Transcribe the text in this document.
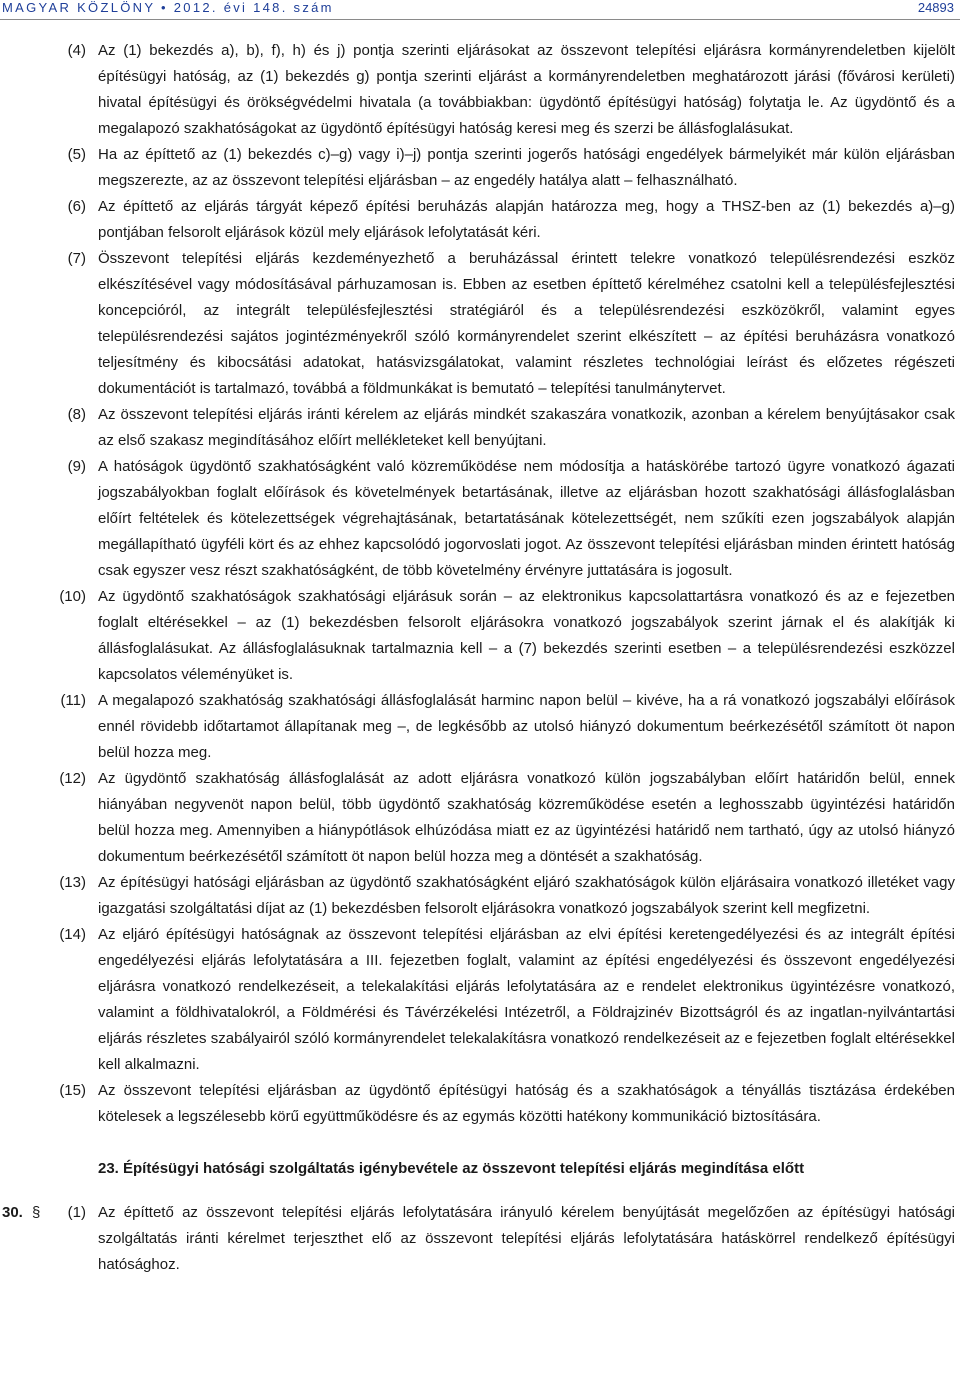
MAGYAR KÖZLÖNY • 2012. évi 148. szám	24893
(4) Az (1) bekezdés a), b), f), h) és j) pontja szerinti eljárásokat az összevont telepítési eljárásra kormányrendeletben kijelölt építésügyi hatóság, az (1) bekezdés g) pontja szerinti eljárást a kormányrendeletben meghatározott járási (fővárosi kerületi) hivatal építésügyi és örökségvédelmi hivatala (a továbbiakban: ügydöntő építésügyi hatóság) folytatja le. Az ügydöntő és a megalapozó szakhatóságokat az ügydöntő építésügyi hatóság keresi meg és szerzi be állásfoglalásukat.
(5) Ha az építtető az (1) bekezdés c)–g) vagy i)–j) pontja szerinti jogerős hatósági engedélyek bármelyikét már külön eljárásban megszerezte, az az összevont telepítési eljárásban – az engedély hatálya alatt – felhasználható.
(6) Az építtető az eljárás tárgyát képező építési beruházás alapján határozza meg, hogy a THSZ-ben az (1) bekezdés a)–g) pontjában felsorolt eljárások közül mely eljárások lefolytatását kéri.
(7) Összevont telepítési eljárás kezdeményezhető a beruházással érintett telekre vonatkozó településrendezési eszköz elkészítésével vagy módosításával párhuzamosan is. Ebben az esetben építtető kérelméhez csatolni kell a településfejlesztési koncepcióról, az integrált településfejlesztési stratégiáról és a településrendezési eszközökről, valamint egyes településrendezési sajátos jogintézményekről szóló kormányrendelet szerint elkészített – az építési beruházásra vonatkozó teljesítmény és kibocsátási adatokat, hatásvizsgálatokat, valamint részletes technológiai leírást és előzetes régészeti dokumentációt is tartalmazó, továbbá a földmunkákat is bemutató – telepítési tanulmánytervet.
(8) Az összevont telepítési eljárás iránti kérelem az eljárás mindkét szakaszára vonatkozik, azonban a kérelem benyújtásakor csak az első szakasz megindításához előírt mellékleteket kell benyújtani.
(9) A hatóságok ügydöntő szakhatóságként való közreműködése nem módosítja a hatáskörébe tartozó ügyre vonatkozó ágazati jogszabályokban foglalt előírások és követelmények betartásának, illetve az eljárásban hozott szakhatósági állásfoglalásban előírt feltételek és kötelezettségek végrehajtásának, betartatásának kötelezettségét, nem szűkíti ezen jogszabályok alapján megállapítható ügyféli kört és az ehhez kapcsolódó jogorvoslati jogot. Az összevont telepítési eljárásban minden érintett hatóság csak egyszer vesz részt szakhatóságként, de több követelmény érvényre juttatására is jogosult.
(10) Az ügydöntő szakhatóságok szakhatósági eljárásuk során – az elektronikus kapcsolattartásra vonatkozó és az e fejezetben foglalt eltérésekkel – az (1) bekezdésben felsorolt eljárásokra vonatkozó jogszabályok szerint járnak el és alakítják ki állásfoglalásukat. Az állásfoglalásuknak tartalmaznia kell – a (7) bekezdés szerinti esetben – a településrendezési eszközzel kapcsolatos véleményüket is.
(11) A megalapozó szakhatóság szakhatósági állásfoglalását harminc napon belül – kivéve, ha a rá vonatkozó jogszabályi előírások ennél rövidebb időtartamot állapítanak meg –, de legkésőbb az utolsó hiányzó dokumentum beérkezésétől számított öt napon belül hozza meg.
(12) Az ügydöntő szakhatóság állásfoglalását az adott eljárásra vonatkozó külön jogszabályban előírt határidőn belül, ennek hiányában negyvenöt napon belül, több ügydöntő szakhatóság közreműködése esetén a leghosszabb ügyintézési határidőn belül hozza meg. Amennyiben a hiánypótlások elhúzódása miatt ez az ügyintézési határidő nem tartható, úgy az utolsó hiányzó dokumentum beérkezésétől számított öt napon belül hozza meg a döntését a szakhatóság.
(13) Az építésügyi hatósági eljárásban az ügydöntő szakhatóságként eljáró szakhatóságok külön eljárásaira vonatkozó illetéket vagy igazgatási szolgáltatási díjat az (1) bekezdésben felsorolt eljárásokra vonatkozó jogszabályok szerint kell megfizetni.
(14) Az eljáró építésügyi hatóságnak az összevont telepítési eljárásban az elvi építési keretengedélyezési és az integrált építési engedélyezési eljárás lefolytatására a III. fejezetben foglalt, valamint az építési engedélyezési és összevont engedélyezési eljárásra vonatkozó rendelkezéseit, a telekalakítási eljárás lefolytatására az e rendelet elektronikus ügyintézésre vonatkozó, valamint a földhivatalokról, a Földmérési és Távérzékelési Intézetről, a Földrajzinév Bizottságról és az ingatlan-nyilvántartási eljárás részletes szabályairól szóló kormányrendelet telekalakításra vonatkozó rendelkezéseit az e fejezetben foglalt eltérésekkel kell alkalmazni.
(15) Az összevont telepítési eljárásban az ügydöntő építésügyi hatóság és a szakhatóságok a tényállás tisztázása érdekében kötelesek a legszélesebb körű együttműködésre és az egymás közötti hatékony kommunikáció biztosítására.
23. Építésügyi hatósági szolgáltatás igénybevétele az összevont telepítési eljárás megindítása előtt
30. §	(1) Az építtető az összevont telepítési eljárás lefolytatására irányuló kérelem benyújtását megelőzően az építésügyi hatósági szolgáltatás iránti kérelmet terjeszthet elő az összevont telepítési eljárás lefolytatására hatáskörrel rendelkező építésügyi hatósághoz.
